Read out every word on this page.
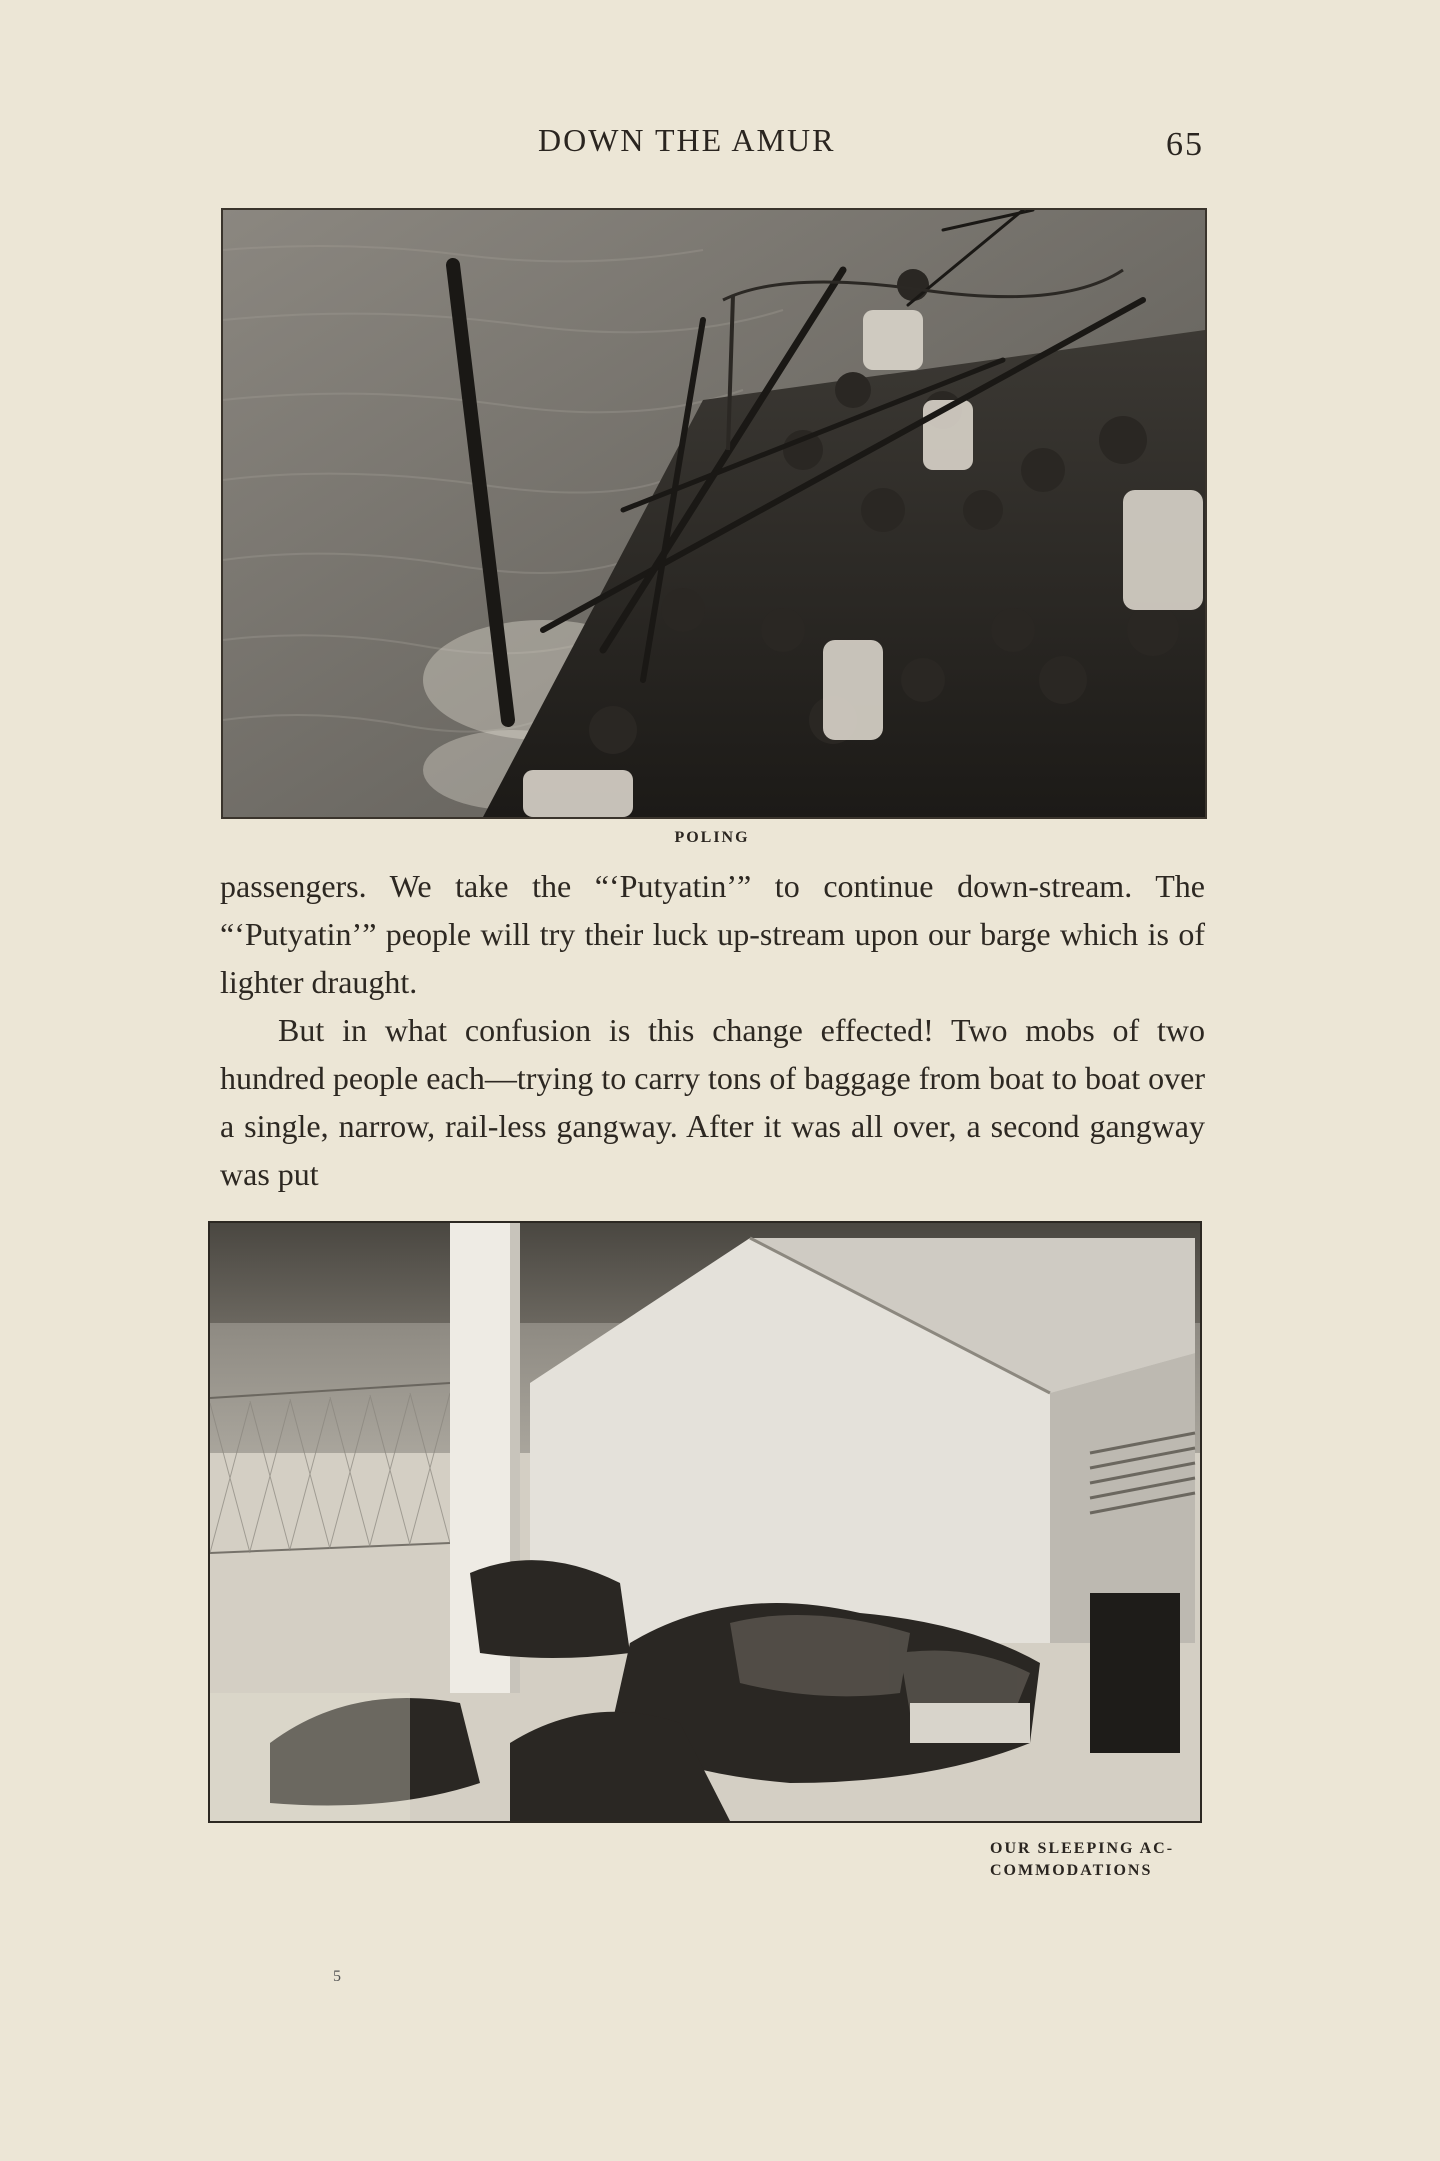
DOWN THE AMUR	65
POLING

passengers. We take the “‘Putyatin’” to continue down-stream. The “‘Putyatin’” people will try their luck up-stream upon our barge which is of lighter draught.

But in what confusion is this change effected! Two mobs of two hundred people each—trying to carry tons of baggage from boat to boat over a single, narrow, rail-less gangway. After it was all over, a second gangway was put

OUR SLEEPING AC-
COMMODATIONS
5
